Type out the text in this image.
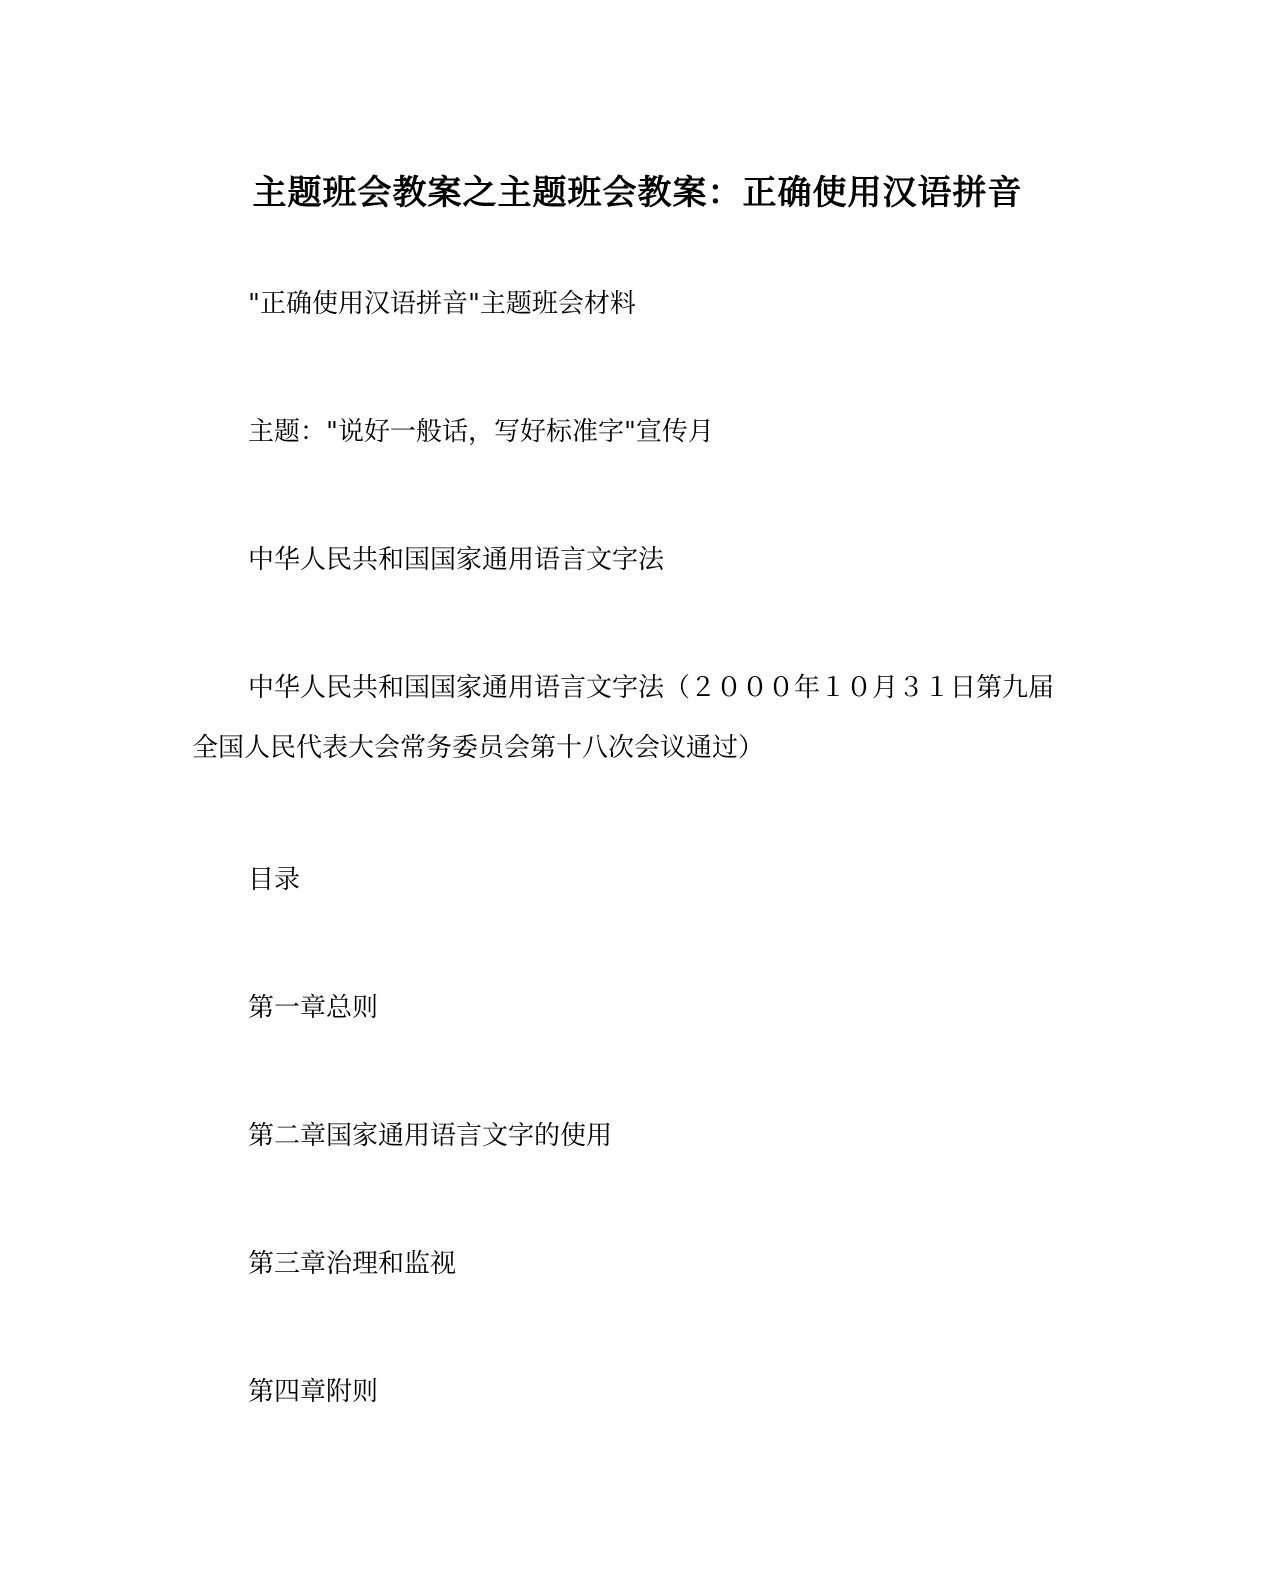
主题班会教案之主题班会教案：正确使用汉语拼音

"正确使用汉语拼音"主题班会材料

主题："说好一般话，写好标准字"宣传月

中华人民共和国国家通用语言文字法

中华人民共和国国家通用语言文字法（２０００年１０月３１日第九届全国人民代表大会常务委员会第十八次会议通过）

目录

第一章总则

第二章国家通用语言文字的使用

第三章治理和监视

第四章附则
